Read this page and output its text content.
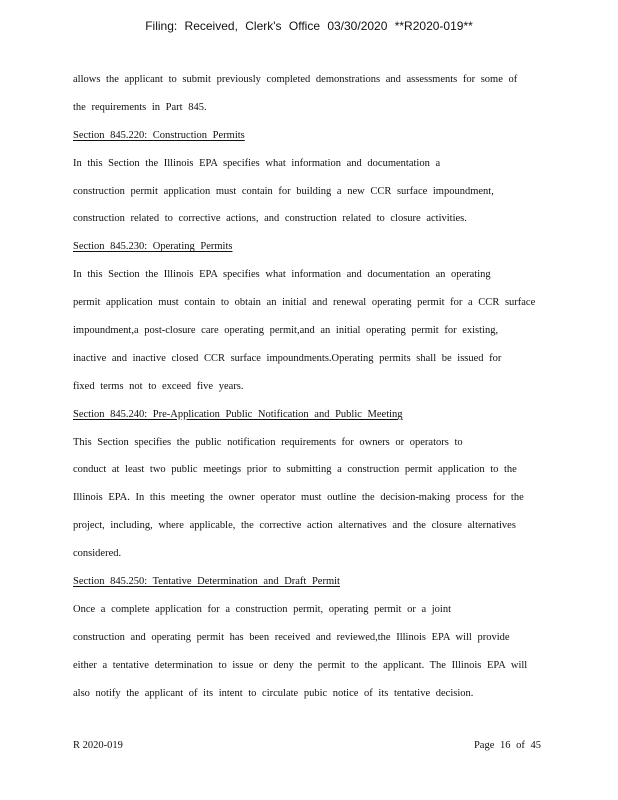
Filing: Received, Clerk's Office 03/30/2020 **R2020-019**
allows the applicant to submit previously completed demonstrations and assessments for some of
the requirements in Part 845.
Section 845.220: Construction Permits
In this Section the Illinois EPA specifies what information and documentation a
construction permit application must contain for building a new CCR surface impoundment,
construction related to corrective actions, and construction related to closure activities.
Section 845.230: Operating Permits
In this Section the Illinois EPA specifies what information and documentation an operating
permit application must contain to obtain an initial and renewal operating permit for a CCR surface
impoundment,a post-closure care operating permit,and an initial operating permit for existing,
inactive and inactive closed CCR surface impoundments.Operating permits shall be issued for
fixed terms not to exceed five years.
Section 845.240: Pre-Application Public Notification and Public Meeting
This Section specifies the public notification requirements for owners or operators to
conduct at least two public meetings prior to submitting a construction permit application to the
Illinois EPA. In this meeting the owner operator must outline the decision-making process for the
project, including, where applicable, the corrective action alternatives and the closure alternatives
considered.
Section 845.250: Tentative Determination and Draft Permit
Once a complete application for a construction permit, operating permit or a joint
construction and operating permit has been received and reviewed,the Illinois EPA will provide
either a tentative determination to issue or deny the permit to the applicant. The Illinois EPA will
also notify the applicant of its intent to circulate pubic notice of its tentative decision.
R 2020-019	Page 16 of 45
